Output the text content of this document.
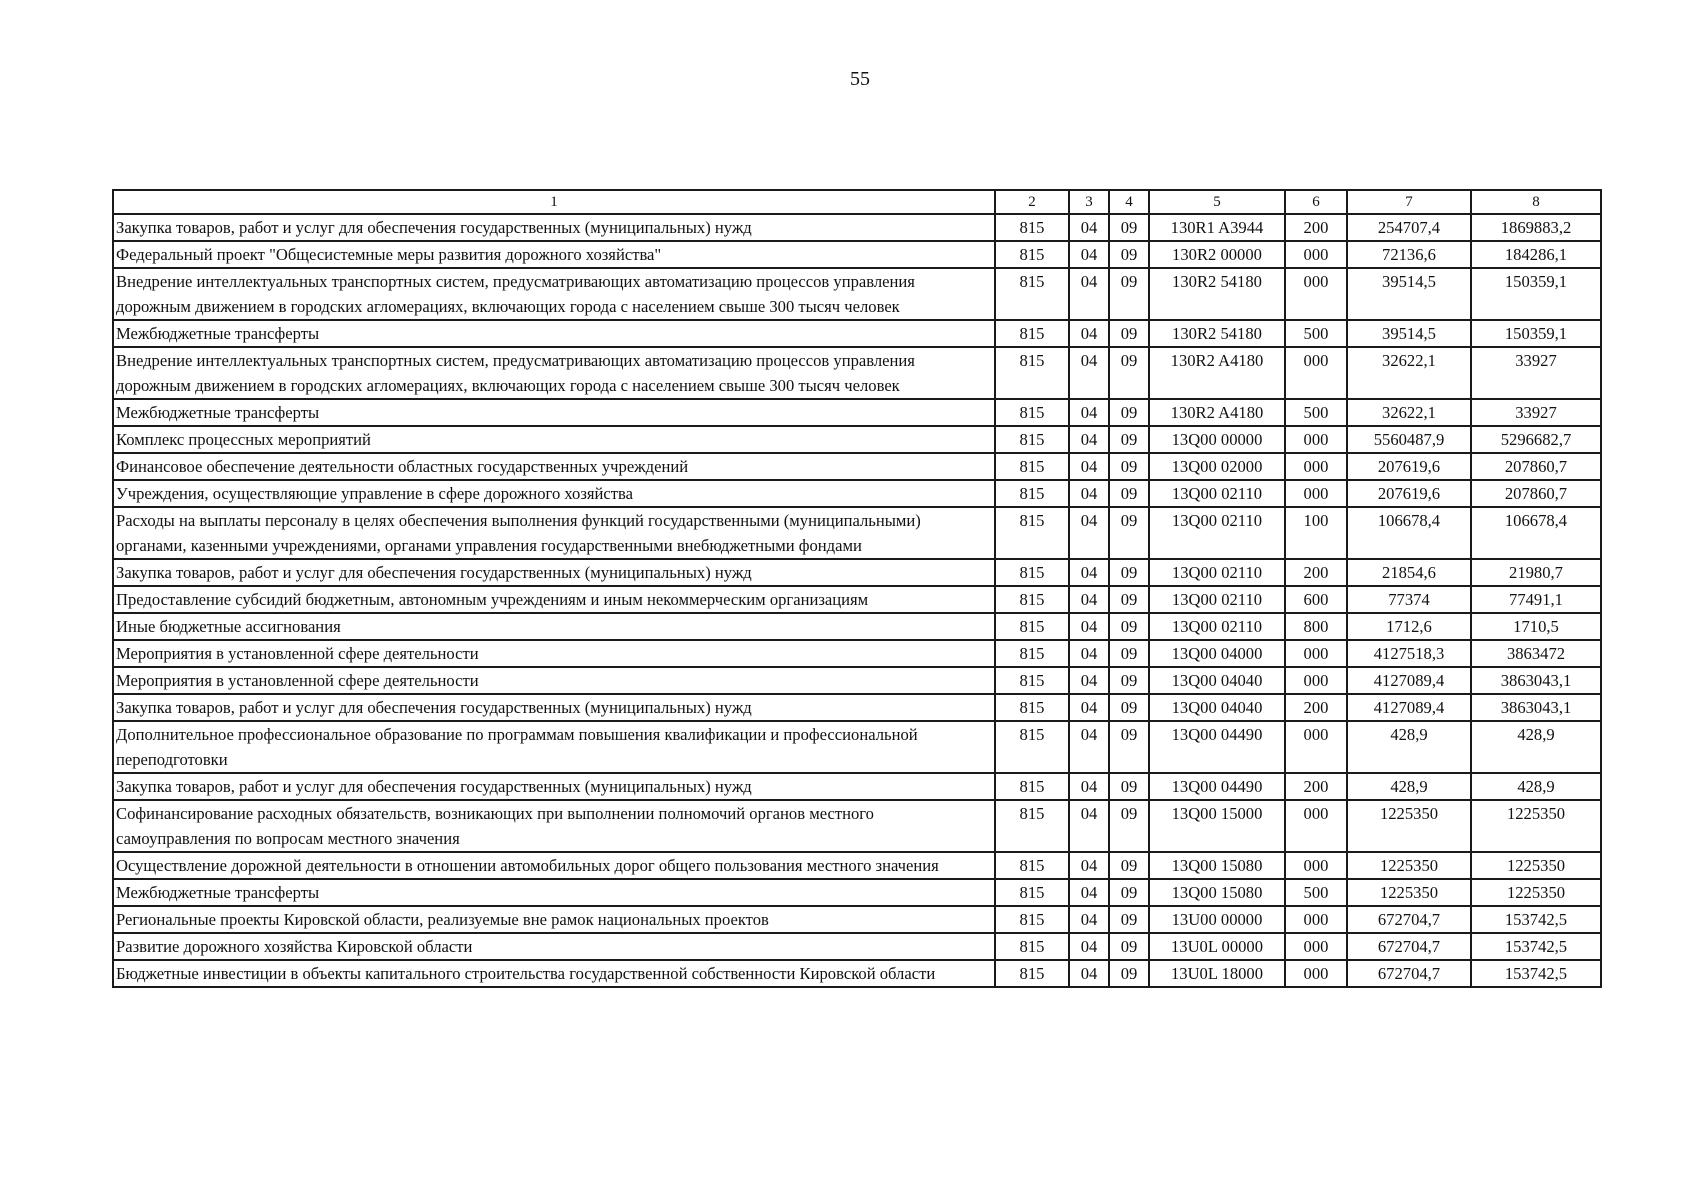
55
1	2	3	4	5	6	7	8
Закупка товаров, работ и услуг для обеспечения государственных (муниципальных) нужд	815	04	09	130R1 A3944	200	254707,4	1869883,2
Федеральный проект "Общесистемные меры развития дорожного хозяйства"	815	04	09	130R2 00000	000	72136,6	184286,1
Внедрение интеллектуальных транспортных систем, предусматривающих автоматизацию процессов управления дорожным движением в городских агломерациях, включающих города с населением свыше 300 тысяч человек	815	04	09	130R2 54180	000	39514,5	150359,1
Межбюджетные трансферты	815	04	09	130R2 54180	500	39514,5	150359,1
Внедрение интеллектуальных транспортных систем, предусматривающих автоматизацию процессов управления дорожным движением в городских агломерациях, включающих города с населением свыше 300 тысяч человек	815	04	09	130R2 A4180	000	32622,1	33927
Межбюджетные трансферты	815	04	09	130R2 A4180	500	32622,1	33927
Комплекс процессных мероприятий	815	04	09	13Q00 00000	000	5560487,9	5296682,7
Финансовое обеспечение деятельности областных государственных учреждений	815	04	09	13Q00 02000	000	207619,6	207860,7
Учреждения, осуществляющие управление в сфере дорожного хозяйства	815	04	09	13Q00 02110	000	207619,6	207860,7
Расходы на выплаты персоналу в целях обеспечения выполнения функций государственными (муниципальными) органами, казенными учреждениями, органами управления государственными внебюджетными фондами	815	04	09	13Q00 02110	100	106678,4	106678,4
Закупка товаров, работ и услуг для обеспечения государственных (муниципальных) нужд	815	04	09	13Q00 02110	200	21854,6	21980,7
Предоставление субсидий бюджетным, автономным учреждениям и иным некоммерческим организациям	815	04	09	13Q00 02110	600	77374	77491,1
Иные бюджетные ассигнования	815	04	09	13Q00 02110	800	1712,6	1710,5
Мероприятия в установленной сфере деятельности	815	04	09	13Q00 04000	000	4127518,3	3863472
Мероприятия в установленной сфере деятельности	815	04	09	13Q00 04040	000	4127089,4	3863043,1
Закупка товаров, работ и услуг для обеспечения государственных (муниципальных) нужд	815	04	09	13Q00 04040	200	4127089,4	3863043,1
Дополнительное профессиональное образование по программам повышения квалификации и профессиональной переподготовки	815	04	09	13Q00 04490	000	428,9	428,9
Закупка товаров, работ и услуг для обеспечения государственных (муниципальных) нужд	815	04	09	13Q00 04490	200	428,9	428,9
Софинансирование расходных обязательств, возникающих при выполнении полномочий органов местного самоуправления по вопросам местного значения	815	04	09	13Q00 15000	000	1225350	1225350
Осуществление дорожной деятельности в отношении автомобильных дорог общего пользования местного значения	815	04	09	13Q00 15080	000	1225350	1225350
Межбюджетные трансферты	815	04	09	13Q00 15080	500	1225350	1225350
Региональные проекты Кировской области, реализуемые вне рамок национальных проектов	815	04	09	13U00 00000	000	672704,7	153742,5
Развитие дорожного хозяйства Кировской области	815	04	09	13U0L 00000	000	672704,7	153742,5
Бюджетные инвестиции в объекты капитального строительства государственной собственности Кировской области	815	04	09	13U0L 18000	000	672704,7	153742,5
